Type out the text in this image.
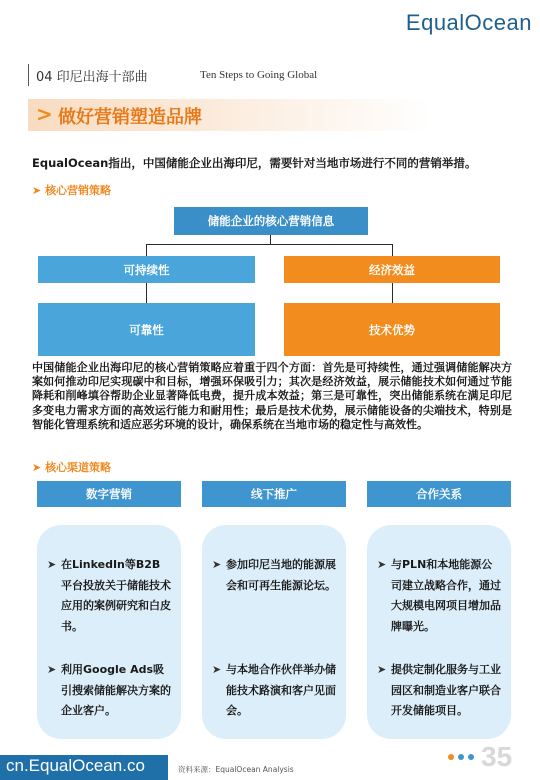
EqualOcean
04 印尼出海十部曲	Ten Steps to Going Global
> 做好营销塑造品牌
EqualOcean指出，中国储能企业出海印尼，需要针对当地市场进行不同的营销举措。
➤ 核心营销策略
储能企业的核心营销信息
可持续性	经济效益
可靠性	技术优势
中国储能企业出海印尼的核心营销策略应着重于四个方面：首先是可持续性，通过强调储能解决方案如何推动印尼实现碳中和目标，增强环保吸引力；其次是经济效益，展示储能技术如何通过节能降耗和削峰填谷帮助企业显著降低电费，提升成本效益；第三是可靠性，突出储能系统在满足印尼多变电力需求方面的高效运行能力和耐用性；最后是技术优势，展示储能设备的尖端技术，特别是智能化管理系统和适应恶劣环境的设计，确保系统在当地市场的稳定性与高效性。
➤ 核心渠道策略
数字营销	线下推广	合作关系
➤ 在LinkedIn等B2B平台投放关于储能技术应用的案例研究和白皮书。
➤ 利用Google Ads吸引搜索储能解决方案的企业客户。
➤ 参加印尼当地的能源展会和可再生能源论坛。
➤ 与本地合作伙伴举办储能技术路演和客户见面会。
➤ 与PLN和本地能源公司建立战略合作，通过大规模电网项目增加品牌曝光。
➤ 提供定制化服务与工业园区和制造业客户联合开发储能项目。
cn.EqualOcean.co	资料来源：EqualOcean Analysis	35
